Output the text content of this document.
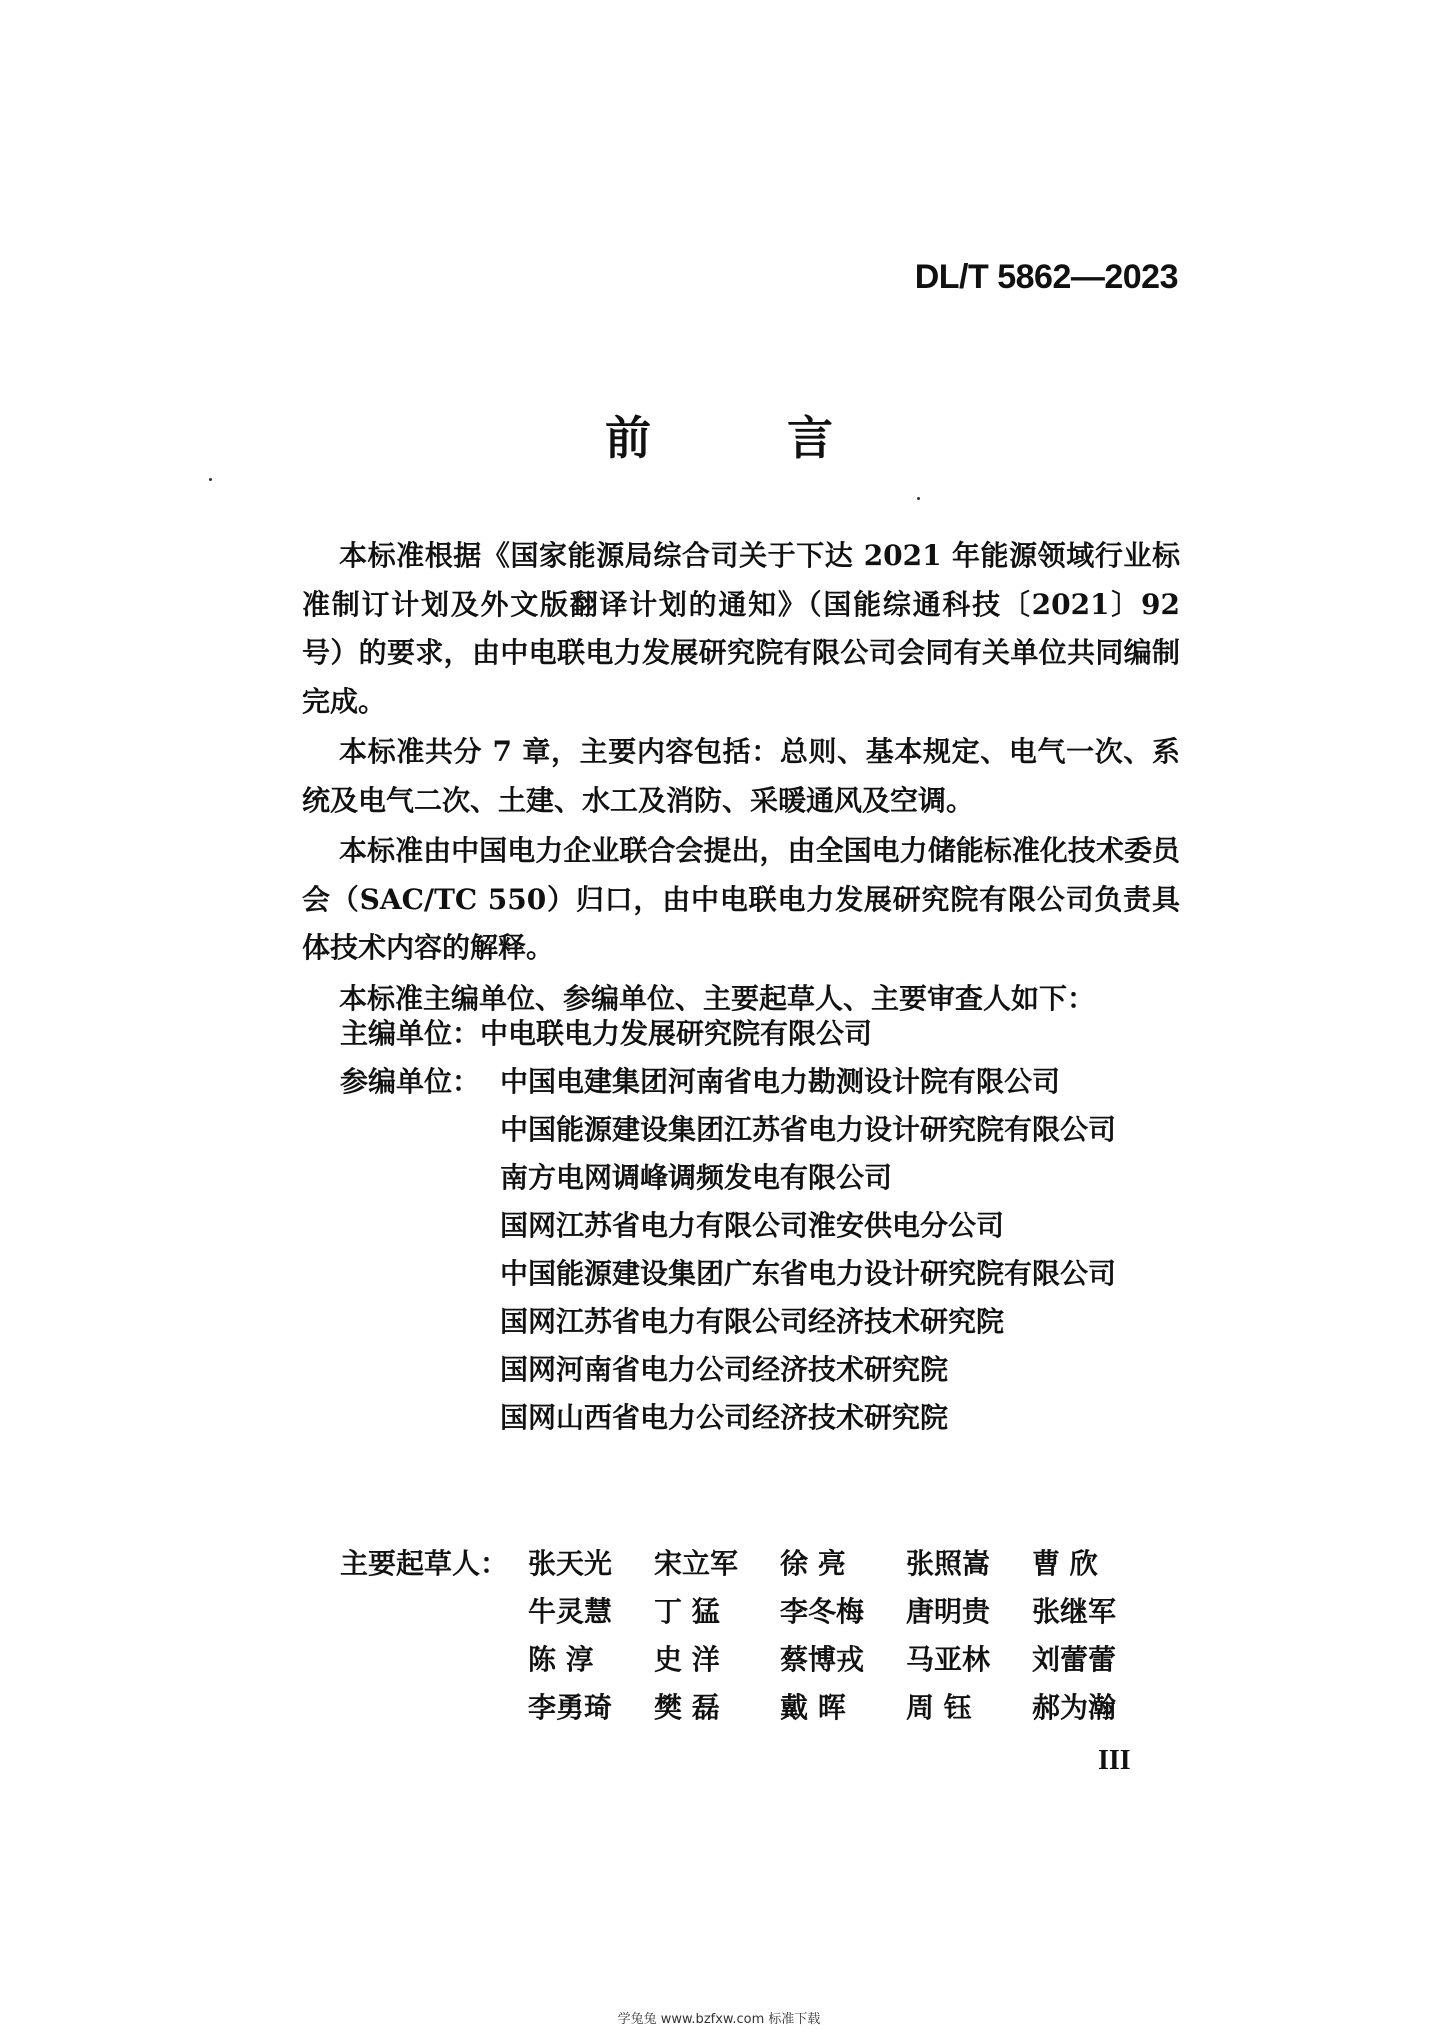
DL/T 5862—2023
前 言

本标准根据《国家能源局综合司关于下达 2021 年能源领域行业标准制订计划及外文版翻译计划的通知》（国能综通科技〔2021〕92 号）的要求，由中电联电力发展研究院有限公司会同有关单位共同编制完成。

本标准共分 7 章，主要内容包括：总则、基本规定、电气一次、系统及电气二次、土建、水工及消防、采暖通风及空调。

本标准由中国电力企业联合会提出，由全国电力储能标准化技术委员会（SAC/TC 550）归口，由中电联电力发展研究院有限公司负责具体技术内容的解释。

本标准主编单位、参编单位、主要起草人、主要审查人如下：

主编单位：中电联电力发展研究院有限公司
参编单位： 中国电建集团河南省电力勘测设计院有限公司
中国能源建设集团江苏省电力设计研究院有限公司
南方电网调峰调频发电有限公司
国网江苏省电力有限公司淮安供电分公司
中国能源建设集团广东省电力设计研究院有限公司
国网江苏省电力有限公司经济技术研究院
国网河南省电力公司经济技术研究院
国网山西省电力公司经济技术研究院
主要起草人： 张天光	宋立军	徐 亮	张照嵩	曹 欣
牛灵慧	丁 猛	李冬梅	唐明贵	张继军
陈 淳	史 洋	蔡博戎	马亚林	刘蕾蕾
李勇琦	樊 磊	戴 晖	周 钰	郝为瀚
III
学兔兔 www.bzfxw.com 标准下载
